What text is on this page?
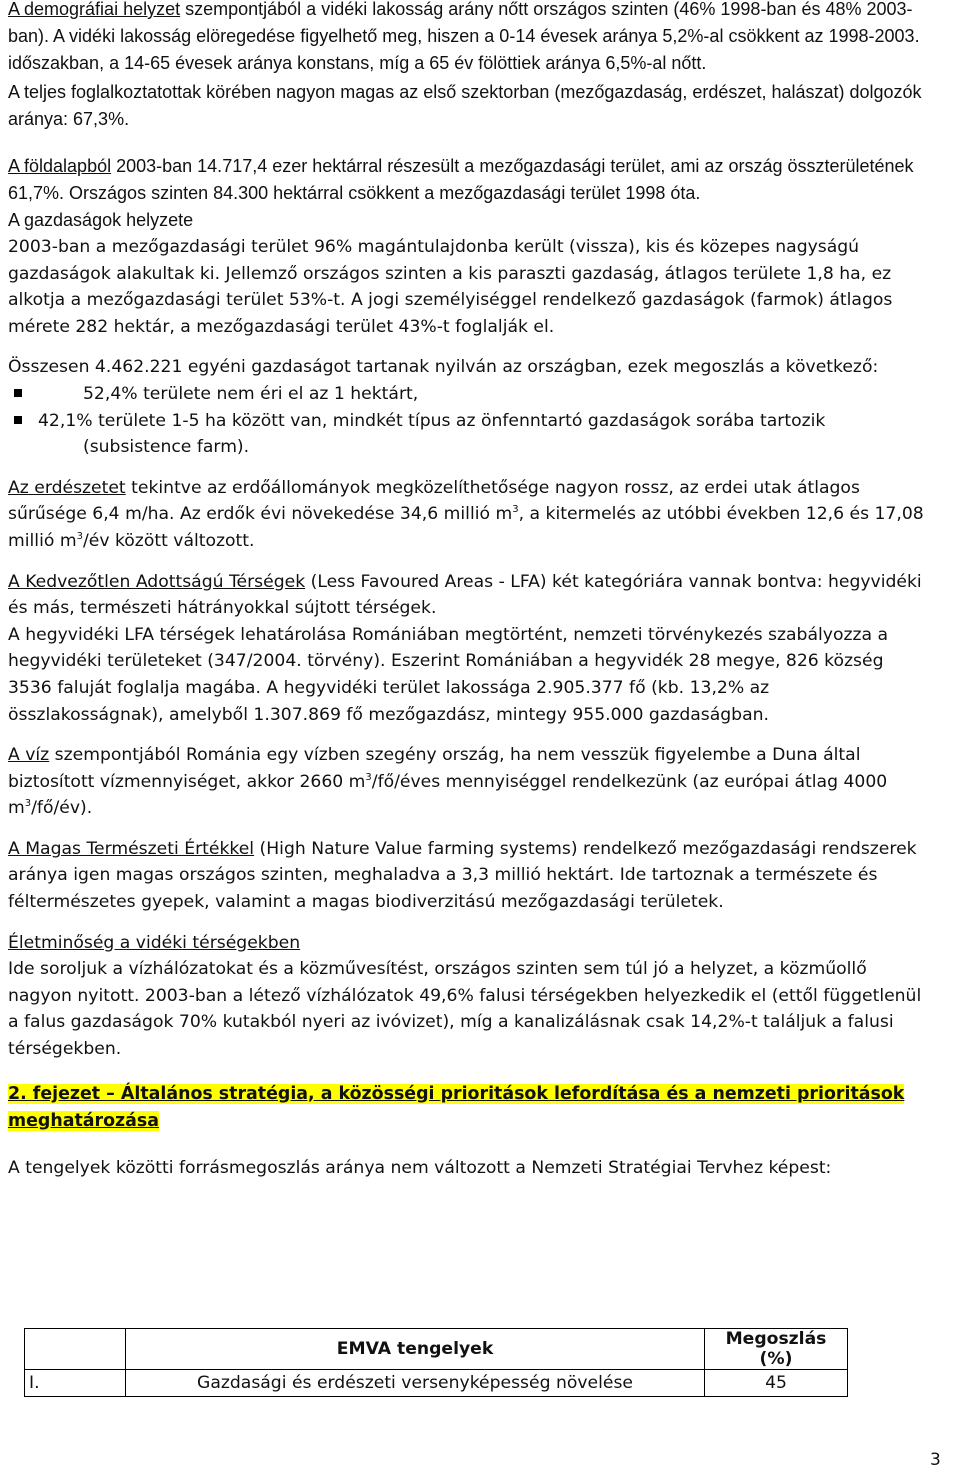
A demográfiai helyzet szempontjából a vidéki lakosság arány nőtt országos szinten (46% 1998-ban és 48% 2003-ban). A vidéki lakosság elöregedése figyelhető meg, hiszen a 0-14 évesek aránya 5,2%-al csökkent az 1998-2003. időszakban, a 14-65 évesek aránya konstans, míg a 65 év fölöttiek aránya 6,5%-al nőtt.

A teljes foglalkoztatottak körében nagyon magas az első szektorban (mezőgazdaság, erdészet, halászat) dolgozók aránya: 67,3%.

A földalapból 2003-ban 14.717,4 ezer hektárral részesült a mezőgazdasági terület, ami az ország összterületének 61,7%. Országos szinten 84.300 hektárral csökkent a mezőgazdasági terület 1998 óta.

A gazdaságok helyzete

2003-ban a mezőgazdasági terület 96% magántulajdonba került (vissza), kis és közepes nagyságú gazdaságok alakultak ki. Jellemző országos szinten a kis paraszti gazdaság, átlagos területe 1,8 ha, ez alkotja a mezőgazdasági terület 53%-t. A jogi személyiséggel rendelkező gazdaságok (farmok) átlagos mérete 282 hektár, a mezőgazdasági terület 43%-t foglalják el.

Összesen 4.462.221 egyéni gazdaságot tartanak nyilván az országban, ezek megoszlás a következő:

52,4% területe nem éri el az 1 hektárt,
42,1% területe 1-5 ha között van, mindkét típus az önfenntartó gazdaságok sorába tartozik (subsistence farm).

Az erdészetet tekintve az erdőállományok megközelíthetősége nagyon rossz, az erdei utak átlagos sűrűsége 6,4 m/ha. Az erdők évi növekedése 34,6 millió $m^3$, a kitermelés az utóbbi években 12,6 és 17,08 millió $m^3/év$ között változott.

A Kedvezőtlen Adottságú Térségek (Less Favoured Areas - LFA) két kategóriára vannak bontva: hegyvidéki és más, természeti hátrányokkal sújtott térségek.

A hegyvidéki LFA térségek lehatárolása Romániában megtörtént, nemzeti törvénykezés szabályozza a hegyvidéki területeket (347/2004. törvény). Eszerint Romániában a hegyvidék 28 megye, 826 község 3536 faluját foglalja magába. A hegyvidéki terület lakossága 2.905.377 fő (kb. 13,2% az összlakosságnak), amelyből 1.307.869 fő mezőgazdász, mintegy 955.000 gazdaságban.

A víz szempontjából Románia egy vízben szegény ország, ha nem vesszük figyelembe a Duna által biztosított vízmennyiséget, akkor 2660 $m^3/fő$/éves mennyiséggel rendelkezünk (az európai átlag 4000 $m^3/fő/év$).

A Magas Természeti Értékkel (High Nature Value farming systems) rendelkező mezőgazdasági rendszerek aránya igen magas országos szinten, meghaladva a 3,3 millió hektárt. Ide tartoznak a természete és féltermészetes gyepek, valamint a magas biodiverzitású mezőgazdasági területek.

Életminőség a vidéki térségekben

Ide soroljuk a vízhálózatokat és a közművesítést, országos szinten sem túl jó a helyzet, a közműollő nagyon nyitott. 2003-ban a létező vízhálózatok 49,6% falusi térségekben helyezkedik el (ettől függetlenül a falus gazdaságok 70% kutakból nyeri az ivóvizet), míg a kanalizálásnak csak 14,2%-t találjuk a falusi térségekben.

2. fejezet – Általános stratégia, a közösségi prioritások lefordítása és a nemzeti prioritások
meghatározása

A tengelyek közötti forrásmegoszlás aránya nem változott a Nemzeti Stratégiai Tervhez képest:

	EMVA tengelyek	Megoszlás (%)
I.	Gazdasági és erdészeti versenyképesség növelése	45
3
